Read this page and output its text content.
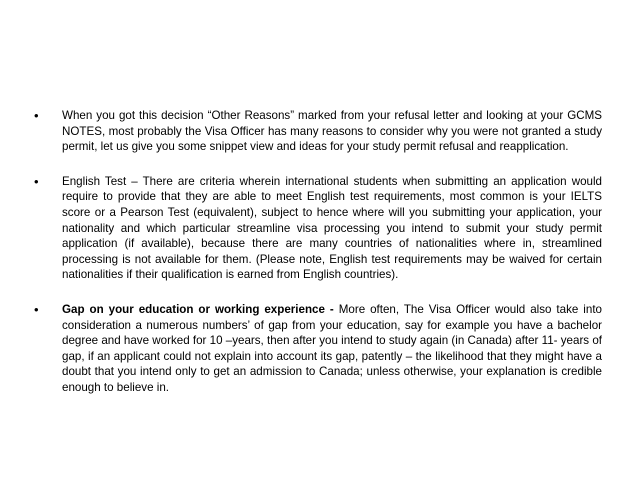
•	When you got this decision “Other Reasons” marked from your refusal letter and looking at your GCMS NOTES, most probably the Visa Officer has many reasons to consider why you were not granted a study permit, let us give you some snippet view and ideas for your study permit refusal and reapplication.
•	English Test – There are criteria wherein international students when submitting an application would require to provide that they are able to meet English test requirements, most common is your IELTS score or a Pearson Test (equivalent), subject to hence where will you submitting your application, your nationality and which particular streamline visa processing you intend to submit your study permit application (if available), because there are many countries of nationalities where in, streamlined processing is not available for them. (Please note, English test requirements may be waived for certain nationalities if their qualification is earned from English countries).
•	Gap on your education or working experience - More often, The Visa Officer would also take into consideration a numerous numbers’ of gap from your education, say for example you have a bachelor degree and have worked for 10 –years, then after you intend to study again (in Canada) after 11- years of gap, if an applicant could not explain into account its gap, patently – the likelihood that they might have a doubt that you intend only to get an admission to Canada; unless otherwise, your explanation is credible enough to believe in.
